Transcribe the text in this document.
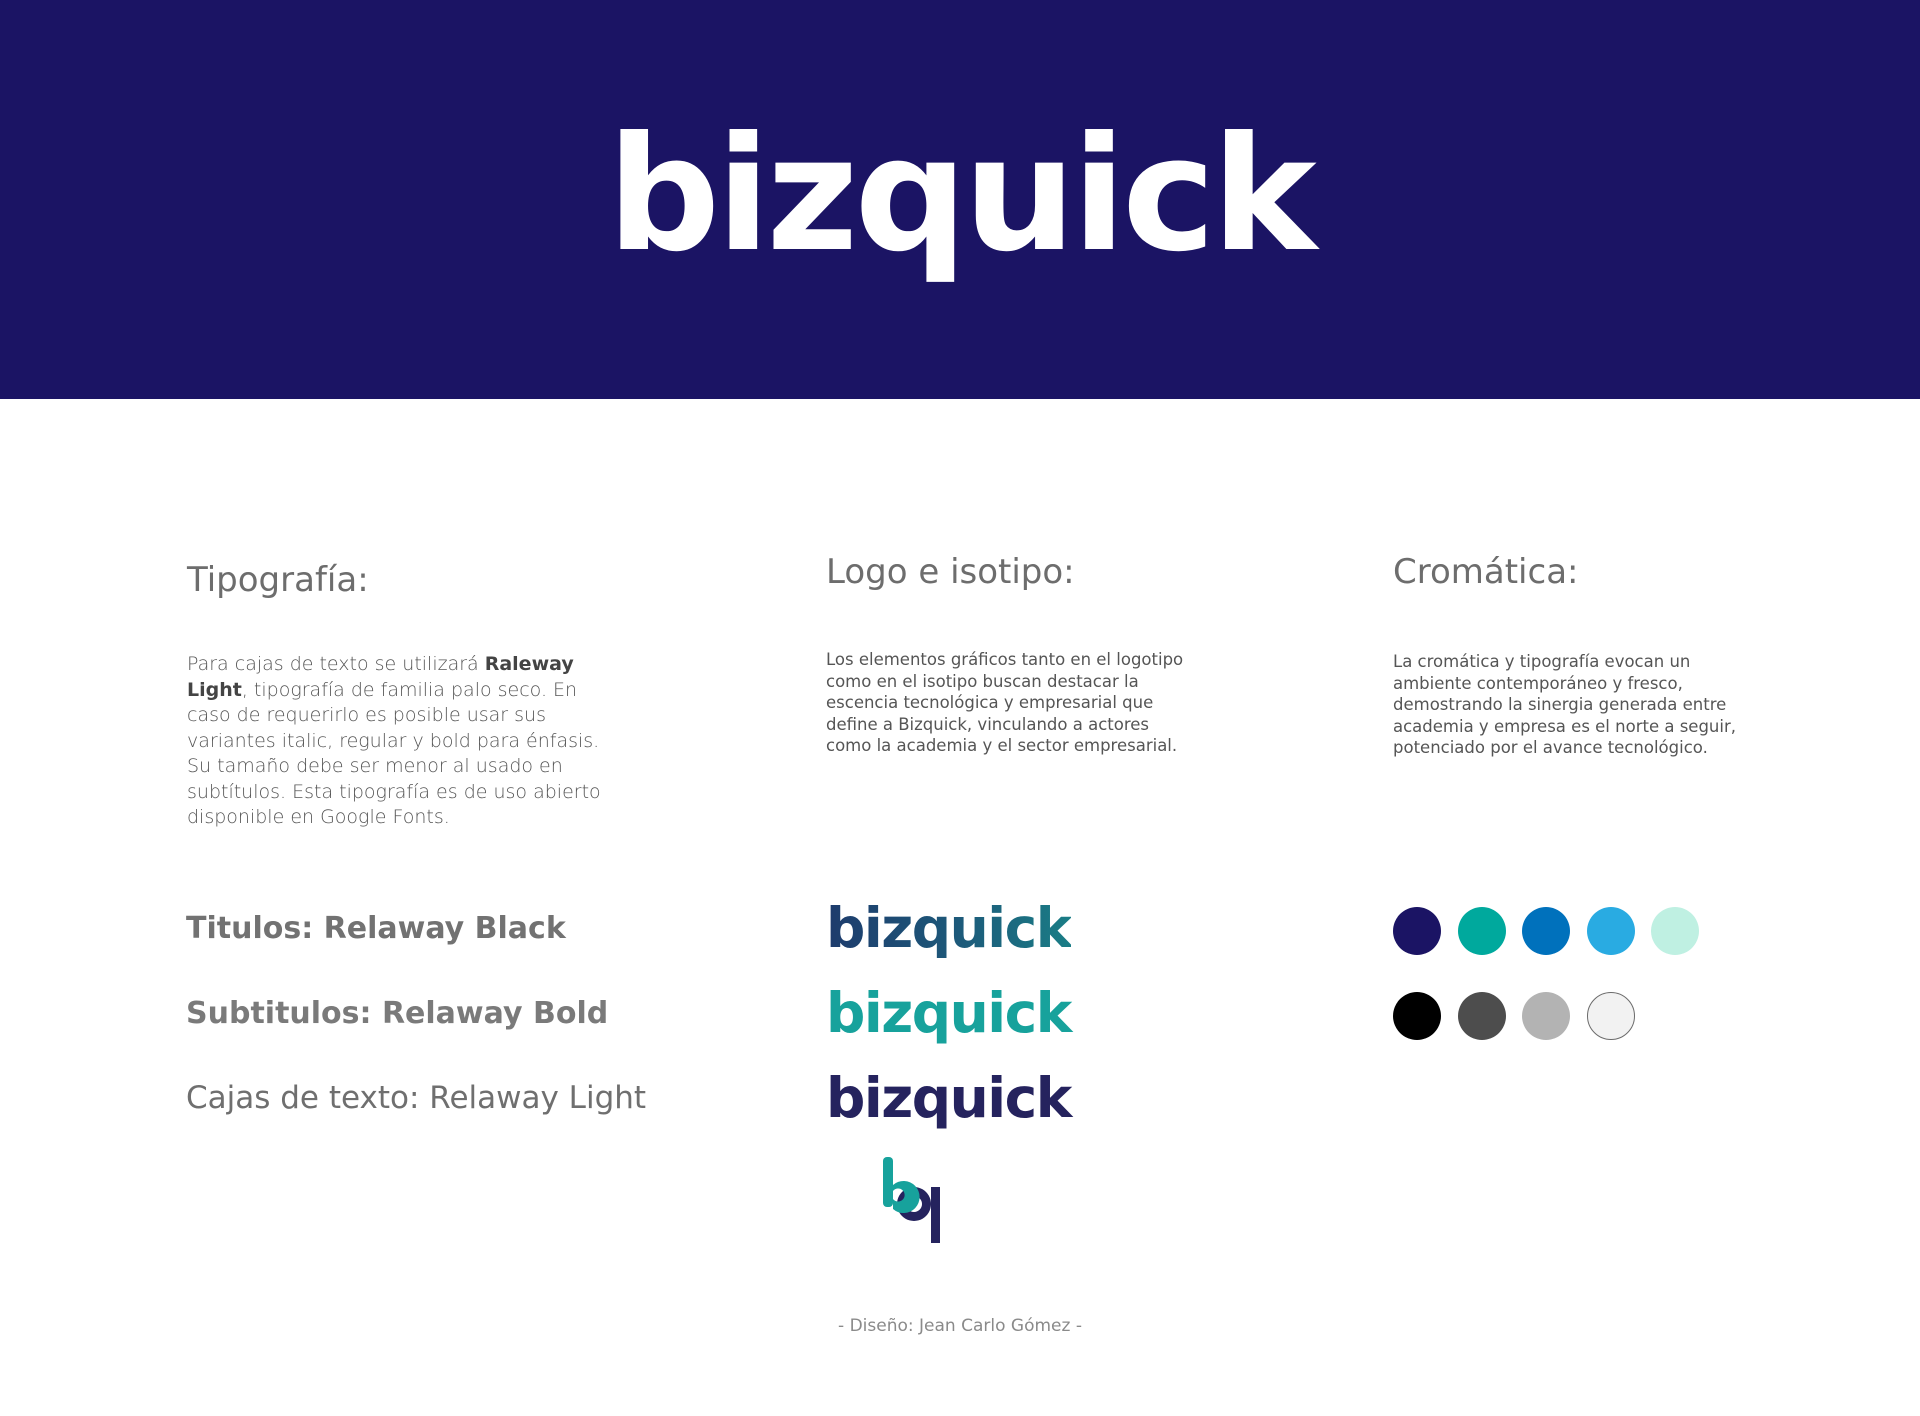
bizquick
Tipografía:

Para cajas de texto se utilizará Raleway Light, tipografía de familia palo seco. En caso de requerirlo es posible usar sus variantes italic, regular y bold para énfasis. Su tamaño debe ser menor al usado en subtítulos. Esta tipografía es de uso abierto disponible en Google Fonts.

Titulos: Relaway Black
Subtitulos: Relaway Bold
Cajas de texto: Relaway Light
Logo e isotipo:

Los elementos gráficos tanto en el logotipo como en el isotipo buscan destacar la escencia tecnológica y empresarial que define a Bizquick, vinculando a actores como la academia y el sector empresarial.

bizquick
bizquick
bizquick
Cromática:

La cromática y tipografía evocan un ambiente contemporáneo y fresco, demostrando la sinergia generada entre academia y empresa es el norte a seguir, potenciado por el avance tecnológico.

- Diseño: Jean Carlo Gómez -
